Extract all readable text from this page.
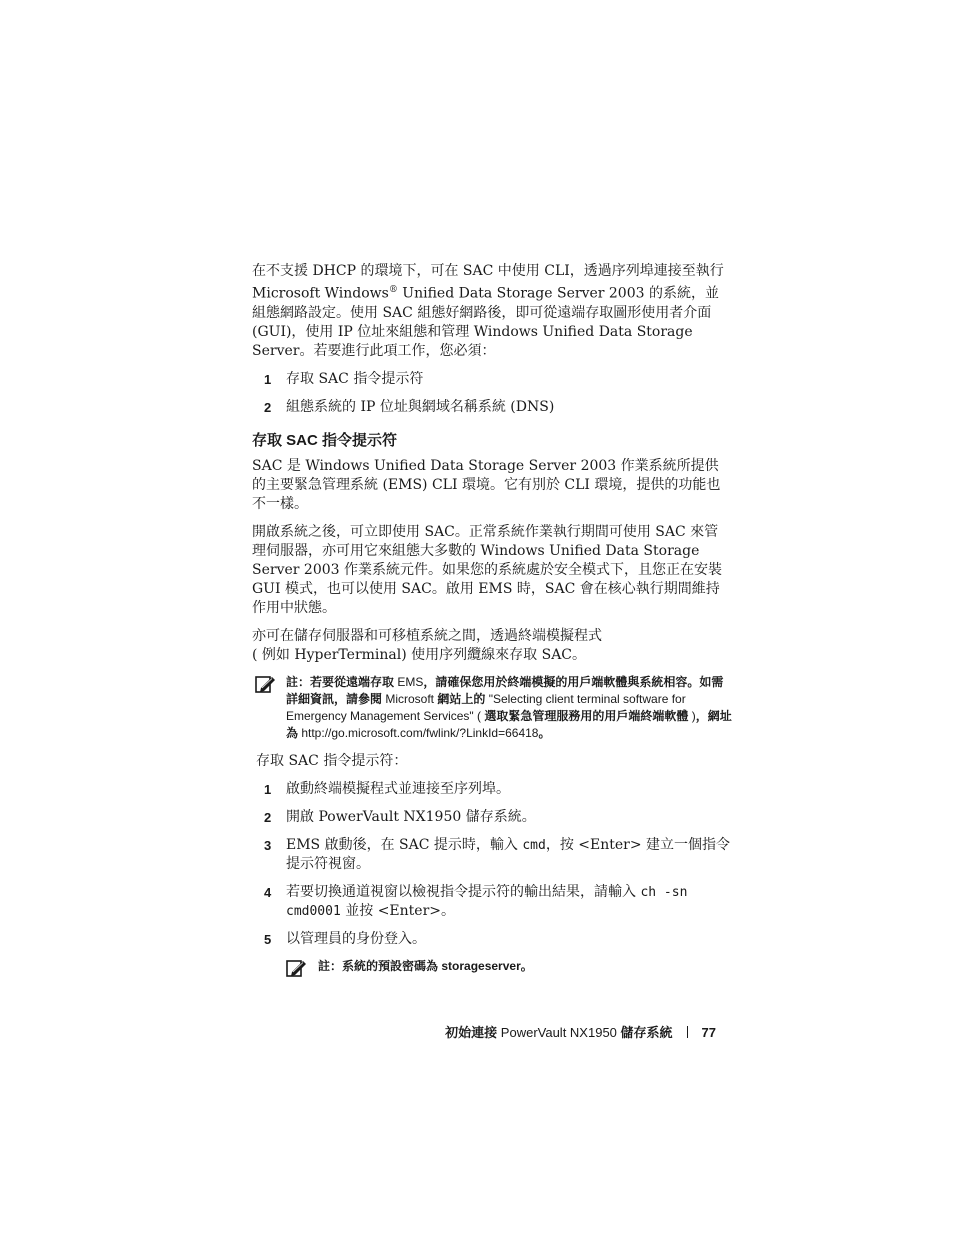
在不支援 DHCP 的環境下，可在 SAC 中使用 CLI，透過序列埠連接至執行 Microsoft Windows® Unified Data Storage Server 2003 的系統，並組態網路設定。使用 SAC 組態好網路後，即可從遠端存取圖形使用者介面 (GUI)，使用 IP 位址來組態和管理 Windows Unified Data Storage Server。若要進行此項工作，您必須：

1 存取 SAC 指令提示符
2 組態系統的 IP 位址與網域名稱系統 (DNS)
存取 SAC 指令提示符

SAC 是 Windows Unified Data Storage Server 2003 作業系統所提供的主要緊急管理系統 (EMS) CLI 環境。它有別於 CLI 環境，提供的功能也不一樣。

開啟系統之後，可立即使用 SAC。正常系統作業執行期間可使用 SAC 來管理伺服器，亦可用它來組態大多數的 Windows Unified Data Storage Server 2003 作業系統元件。如果您的系統處於安全模式下，且您正在安裝 GUI 模式，也可以使用 SAC。啟用 EMS 時，SAC 會在核心執行期間維持作用中狀態。

亦可在儲存伺服器和可移植系統之間，透過終端模擬程式
( 例如 HyperTerminal) 使用序列纜線來存取 SAC。

註：若要從遠端存取 EMS，請確保您用於終端模擬的用戶端軟體與系統相容。如需詳細資訊，請參閱 Microsoft 網站上的 "Selecting client terminal software for Emergency Management Services" ( 選取緊急管理服務用的用戶端終端軟體 )，網址為 http://go.microsoft.com/fwlink/?LinkId=66418。

存取 SAC 指令提示符：

1 啟動終端模擬程式並連接至序列埠。
2 開啟 PowerVault NX1950 儲存系統。
3 EMS 啟動後，在 SAC 提示時，輸入 cmd，按 <Enter> 建立一個指令提示符視窗。
4 若要切換通道視窗以檢視指令提示符的輸出結果，請輸入 ch -sn cmd0001 並按 <Enter>。
5 以管理員的身份登入。
註：系統的預設密碼為 storageserver。
初始連接 PowerVault NX1950 儲存系統 77
